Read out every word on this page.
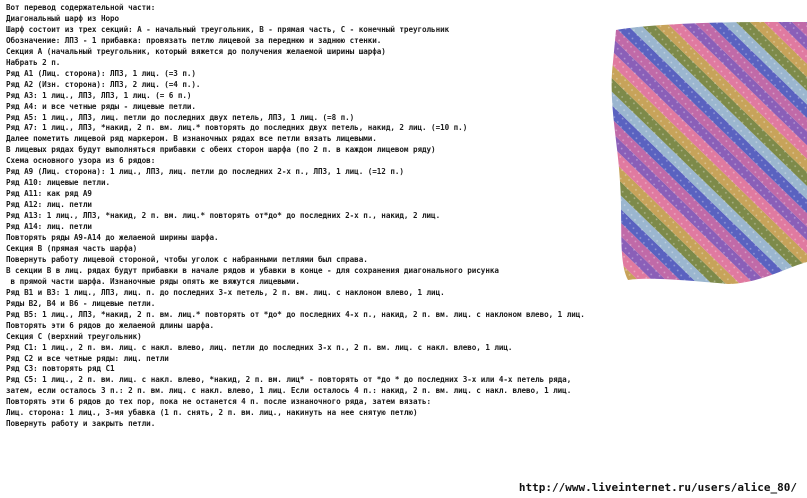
Вот перевод содержательной части:
Диагональный шарф из Норо
Шарф состоит из трех секций: А - начальный треугольник, В - прямая часть, С - конечный треугольник
Обозначение: ЛПЗ - 1 прибавка: провязать петлю лицевой за переднюю и заднюю стенки.
Секция А (начальный треугольник, который вяжется до получения желаемой ширины шарфа)
Набрать 2 п.
Ряд A1 (Лиц. сторона): ЛПЗ, 1 лиц. (=3 п.)
Ряд A2 (Изн. сторона): ЛПЗ, 2 лиц. (=4 п.).
Ряд A3: 1 лиц., ЛПЗ, ЛПЗ, 1 лиц. (= 6 п.)
Ряд A4: и все четные ряды - лицевые петли.
Ряд A5: 1 лиц., ЛПЗ, лиц. петли до последних двух петель, ЛПЗ, 1 лиц. (=8 п.)
Ряд A7: 1 лиц., ЛПЗ, *накид, 2 п. вм. лиц.* повторять до последних двух петель, накид, 2 лиц. (=10 п.)
Далее пометить лицевой ряд маркером. В изнаночных рядах все петли вязать лицевыми.
В лицевых рядах будут выполняться прибавки с обеих сторон шарфа (по 2 п. в каждом лицевом ряду)
Схема основного узора из 6 рядов:
Ряд A9 (Лиц. сторона): 1 лиц., ЛПЗ, лиц. петли до последних 2-х п., ЛПЗ, 1 лиц. (=12 п.)
Ряд A10: лицевые петли.
Ряд A11: как ряд A9
Ряд A12: лиц. петли
Ряд A13: 1 лиц., ЛПЗ, *накид, 2 п. вм. лиц.* повторять от*до* до последних 2-х п., накид, 2 лиц.
Ряд A14: лиц. петли
Повторять ряды A9-A14 до желаемой ширины шарфа.
Секция В (прямая часть шарфа)
Повернуть работу лицевой стороной, чтобы уголок с набранными петлями был справа.
В секции В в лиц. рядах будут прибавки в начале рядов и убавки в конце - для сохранения диагонального рисунка
в прямой части шарфа. Изнаночные ряды опять же вяжутся лицевыми.
Ряд B1 и B3: 1 лиц., ЛПЗ, лиц. п. до последних 3-х петель, 2 п. вм. лиц. с наклоном влево, 1 лиц.
Ряды B2, B4 и B6 - лицевые петли.
Ряд B5: 1 лиц., ЛПЗ, *накид, 2 п. вм. лиц.* повторять от *до* до последних 4-х п., накид, 2 п. вм. лиц. с наклоном влево, 1 лиц.
Повторять эти 6 рядов до желаемой длины шарфа.
Секция С (верхний треугольник)
Ряд C1: 1 лиц., 2 п. вм. лиц. с накл. влево, лиц. петли до последних 3-х п., 2 п. вм. лиц. с накл. влево, 1 лиц.
Ряд C2 и все четные ряды: лиц. петли
Ряд C3: повторять ряд C1
Ряд C5: 1 лиц., 2 п. вм. лиц. с накл. влево, *накид, 2 п. вм. лиц* - повторять от *до * до последних 3-х или 4-х петель ряда,
затем, если осталось 3 п.: 2 п. вм. лиц. с накл. влево, 1 лиц. Если осталось 4 п.: накид, 2 п. вм. лиц. с накл. влево, 1 лиц.
Повторять эти 6 рядов до тех пор, пока не останется 4 п. после изнаночного ряда, затем вязать:
Лиц. сторона: 1 лиц., 3-мя убавка (1 п. снять, 2 п. вм. лиц., накинуть на нее снятую петлю)
Повернуть работу и закрыть петли.
http://www.liveinternet.ru/users/alice_80/
